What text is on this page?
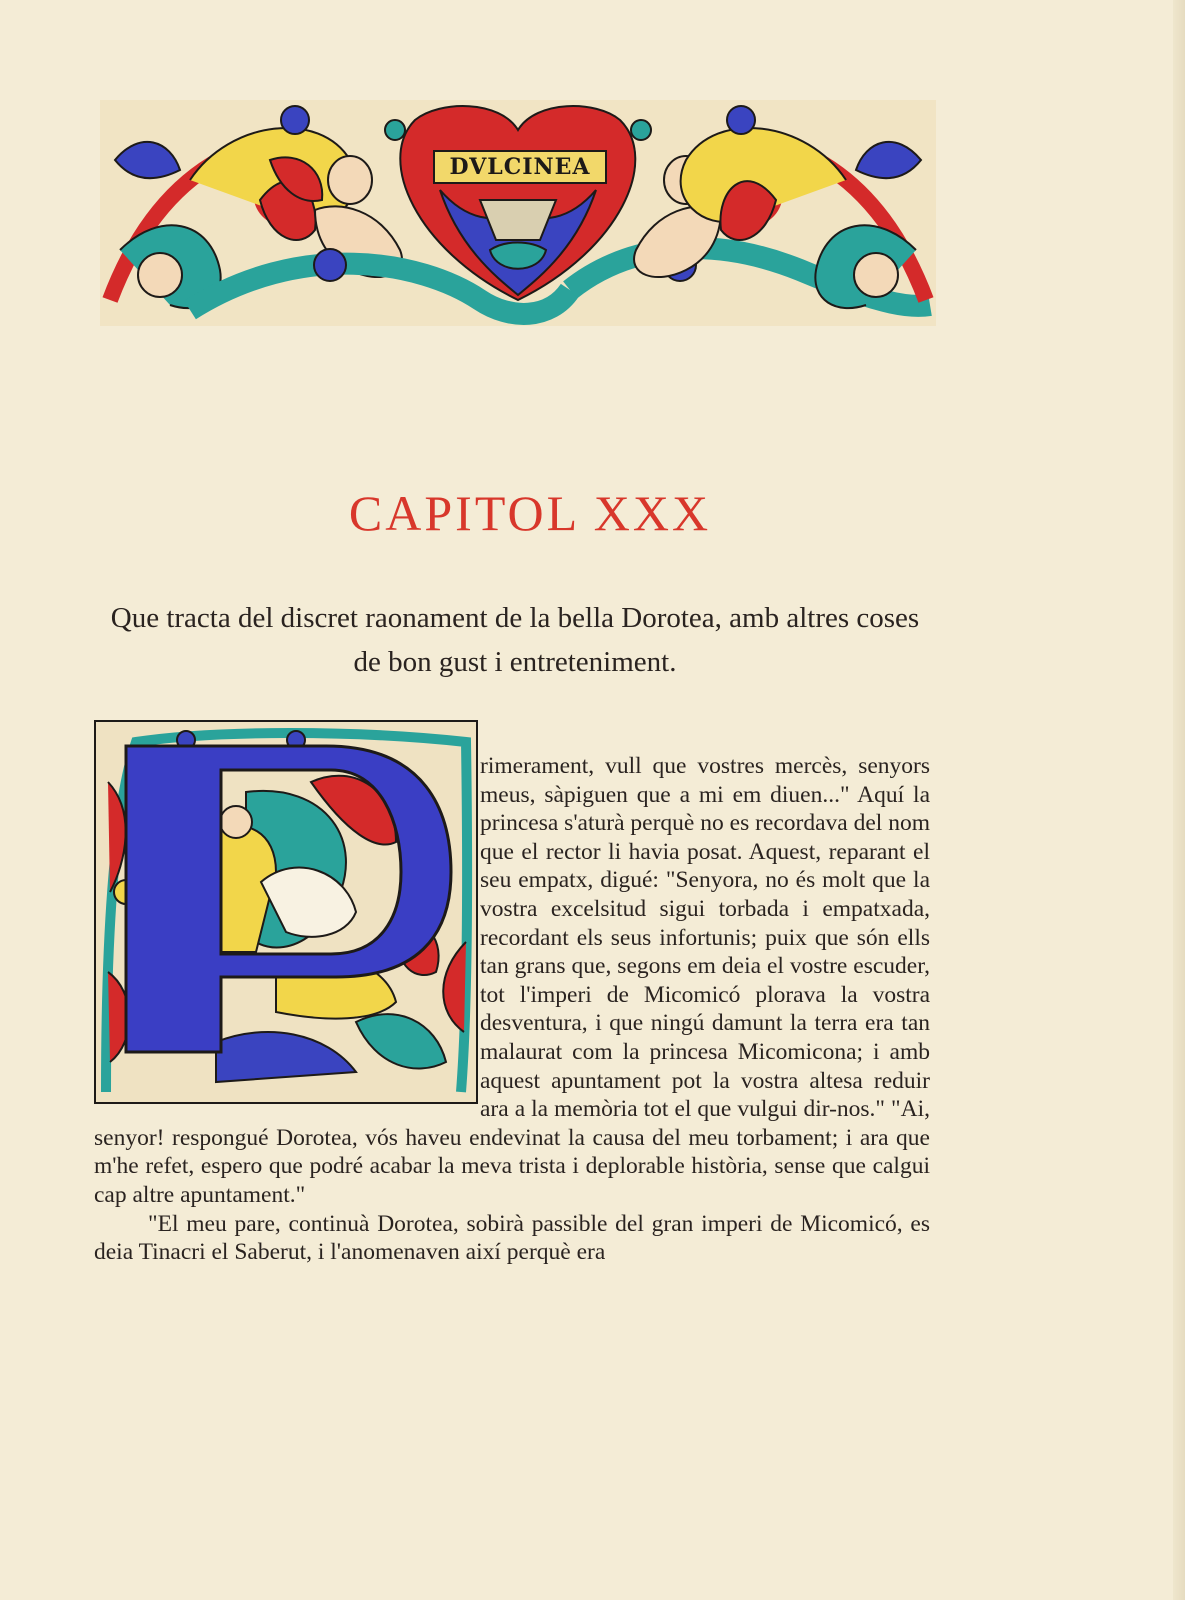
DVLCINEA
CAPITOL XXX
Que tracta del discret raonament de la bella Dorotea, amb altres coses de bon gust i entreteniment.

rimerament, vull que vostres mercès, senyors meus, sàpiguen que a mi em diuen..." Aquí la princesa s'aturà perquè no es recordava del nom que el rector li havia posat. Aquest, reparant el seu empatx, digué: "Senyora, no és molt que la vostra excelsitud sigui torbada i empatxada, recordant els seus infortunis; puix que són ells tan grans que, segons em deia el vostre escuder, tot l'imperi de Micomicó plorava la vostra desventura, i que ningú damunt la terra era tan malaurat com la princesa Micomicona; i amb aquest apuntament pot la vostra altesa reduir ara a la memòria tot el que vulgui dir-nos." "Ai, senyor! respongué Dorotea, vós haveu endevinat la causa del meu torbament; i ara que m'he refet, espero que podré acabar la meva trista i deplorable història, sense que calgui cap altre apuntament."

"El meu pare, continuà Dorotea, sobirà passible del gran imperi de Micomicó, es deia Tinacri el Saberut, i l'anomenaven així perquè era
